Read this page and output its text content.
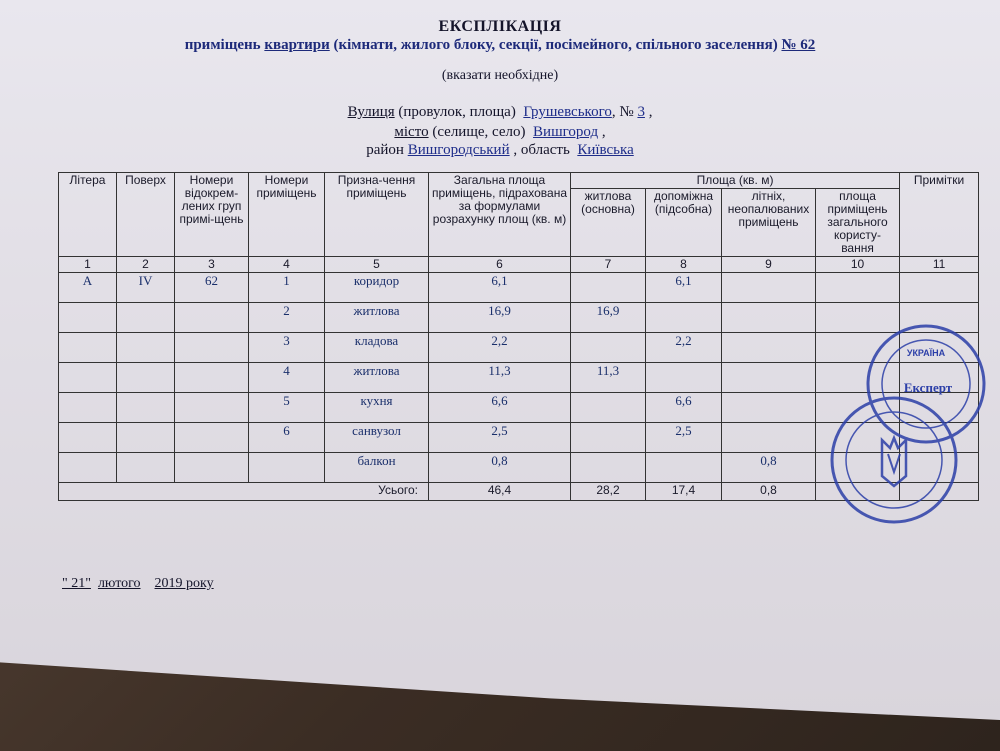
ЕКСПЛІКАЦІЯ
приміщень квартири (кімнати, жилого блоку, секції, посімейного, спільного заселення) № 62
(вказати необхідне)
Вулиця (провулок, площа) Грушевського, № 3 ,
місто (селище, село) Вишгород ,
район Вишгородський , область Київська
Літера	Поверх	Номери відокрем-лених груп примі-щень	Номери приміщень	Призна-чення приміщень	Загальна площа приміщень, підрахована за формулами розрахунку площ (кв. м)	Площа (кв. м)				Примітки
						житлова (основна)	допоміжна (підсобна)	літніх, неопалюваних приміщень	площа приміщень загального користу-вання	
1	2	3	4	5	6	7	8	9	10	11
А	IV	62	1	коридор	6,1		6,1			
			2	житлова	16,9	16,9				
			3	кладова	2,2		2,2			
			4	житлова	11,3	11,3				
			5	кухня	6,6		6,6			
			6	санвузол	2,5		2,5			
				балкон	0,8			0,8		
Усього:					46,4	28,2	17,4	0,8		
УКРАЇНА
Експерт
" 21" лютого 2019 року
